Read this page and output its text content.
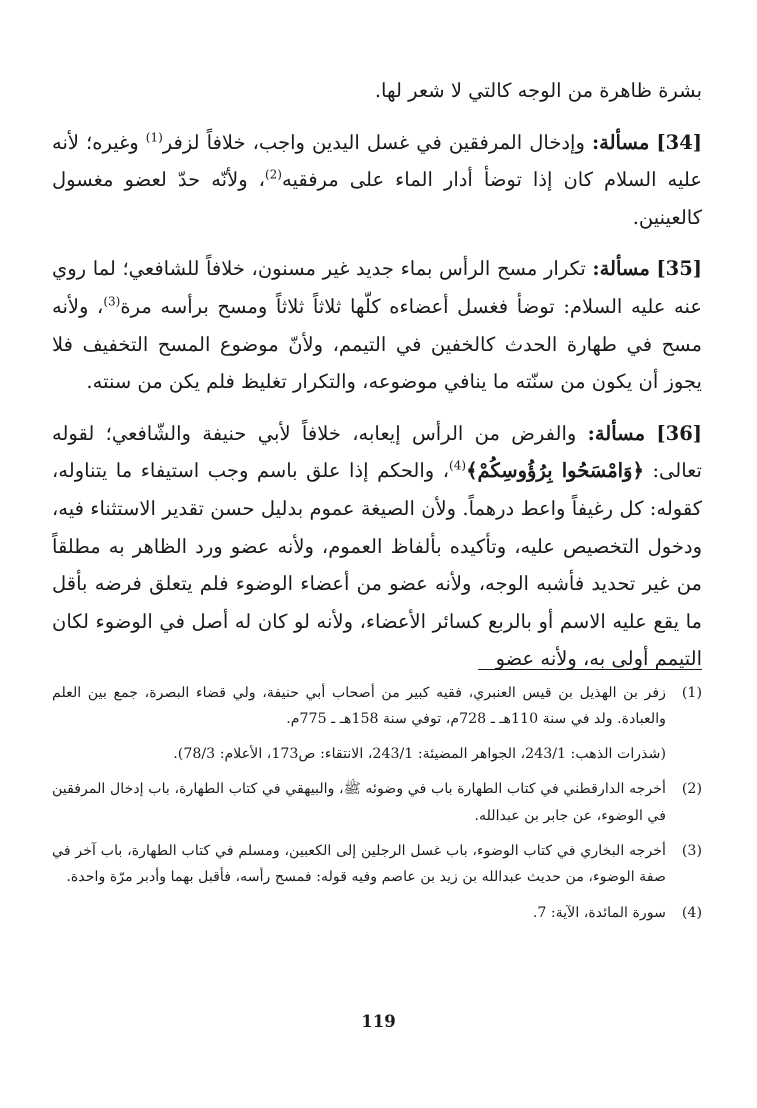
بشرة ظاهرة من الوجه كالتي لا شعر لها.

[34] مسألة: وإدخال المرفقين في غسل اليدين واجب، خلافاً لزفر$^{(1)}$ وغيره؛ لأنه عليه السلام كان إذا توضأ أدار الماء على مرفقيه$^{(2)}$، ولأنّه حدّ لعضو مغسول كالعينين.

[35] مسألة: تكرار مسح الرأس بماء جديد غير مسنون، خلافاً للشافعي؛ لما روي عنه عليه السلام: توضأ فغسل أعضاءه كلّها ثلاثاً ثلاثاً ومسح برأسه مرة$^{(3)}$، ولأنه مسح في طهارة الحدث كالخفين في التيمم، ولأنّ موضوع المسح التخفيف فلا يجوز أن يكون من سنّته ما ينافي موضوعه، والتكرار تغليظ فلم يكن من سنته.

[36] مسألة: والفرض من الرأس إيعابه، خلافاً لأبي حنيفة والشّافعي؛ لقوله تعالى: ﴿وَامْسَحُوا بِرُؤُوسِكُمْ﴾$^{(4)}$، والحكم إذا علق باسم وجب استيفاء ما يتناوله، كقوله: كل رغيفاً واعط درهماً. ولأن الصيغة عموم بدليل حسن تقدير الاستثناء فيه، ودخول التخصيص عليه، وتأكيده بألفاظ العموم، ولأنه عضو ورد الظاهر به مطلقاً من غير تحديد فأشبه الوجه، ولأنه عضو من أعضاء الوضوء فلم يتعلق فرضه بأقل ما يقع عليه الاسم أو بالربع كسائر الأعضاء، ولأنه لو كان له أصل في الوضوء لكان التيمم أولى به، ولأنه عضو

(1)

زفر بن الهذيل بن قيس العنبري، فقيه كبير من أصحاب أبي حنيفة، ولي قضاء البصرة، جمع بين العلم والعبادة. ولد في سنة 110هـ ـ 728م، توفي سنة 158هـ ـ 775م.

(شذرات الذهب: 243/1، الجواهر المضيئة: 243/1، الانتقاء: ص173، الأعلام: 78/3).

(2)

أخرجه الدارقطني في كتاب الطهارة باب في وضوئه ﷺ، والبيهقي في كتاب الطهارة، باب إدخال المرفقين في الوضوء، عن جابر بن عبدالله.

(3)

أخرجه البخاري في كتاب الوضوء، باب غسل الرجلين إلى الكعبين، ومسلم في كتاب الطهارة، باب آخر في صفة الوضوء، من حديث عبدالله بن زيد بن عاصم وفيه قوله: فمسح رأسه، فأقبل بهما وأدبر مرّة واحدة.

(4)

سورة المائدة، الآية: 7.

119
